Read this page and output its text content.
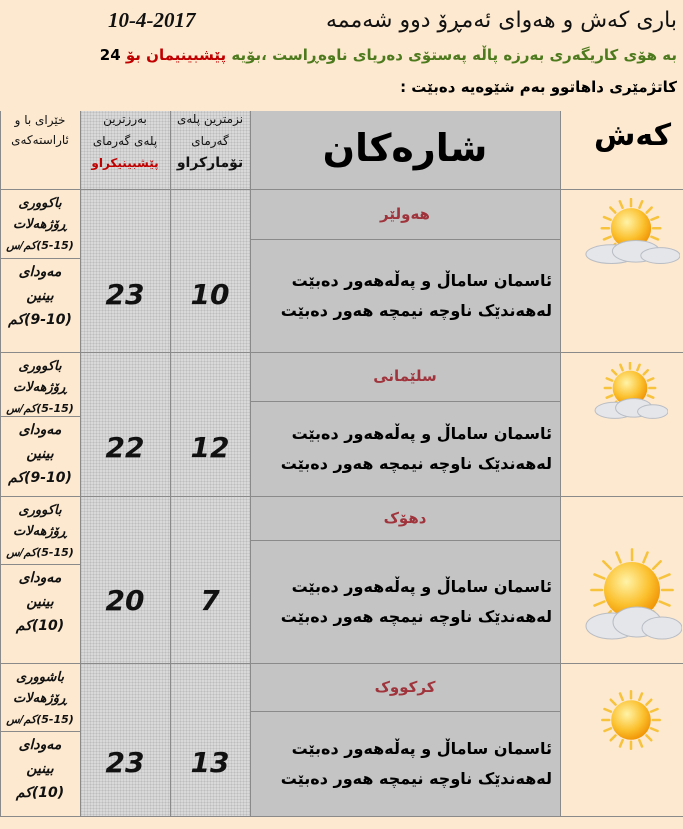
باری کەش و هەوای ئەمڕۆ دوو شەممە
10-4-2017
بە هۆی کاریگەری بەرزە پاڵە پەستۆی دەریای ناوەڕاست ،بۆیە پێشبینیمان بۆ 24
کاتژمێری داهاتوو بەم شێوەیە دەبێت :
کەش
شارەکان
نزمترین پلەی
گەرمای
تۆمارکراو
بەرزترین
پلەی گەرمای
پێشبینیکراو
خێرای با و
ئاراستەکەی
هەولێر
ئاسمان ساماڵ و پەڵەهەور دەبێت
لەهەندێک ناوچە نیمچە هەور دەبێت
10
23
باکووری
ڕۆژهەلات
(5-15)کم/س
مەودای
بینین
(9-10)کم
سلێمانی
ئاسمان ساماڵ و پەڵەهەور دەبێت
لەهەندێک ناوچە نیمچە هەور دەبێت
12
22
باکووری
ڕۆژهەلات
(5-15)کم/س
مەودای
بینین
(9-10)کم
دهۆک
ئاسمان ساماڵ و پەڵەهەور دەبێت
لەهەندێک ناوچە نیمچە هەور دەبێت
7
20
باکووری
ڕۆژهەلات
(5-15)کم/س
مەودای
بینین
(10)کم
کرکووک
ئاسمان ساماڵ و پەڵەهەور دەبێت
لەهەندێک ناوچە نیمچە هەور دەبێت
13
23
باشووری
ڕۆژهەلات
(5-15)کم/س
مەودای
بینین
(10)کم
